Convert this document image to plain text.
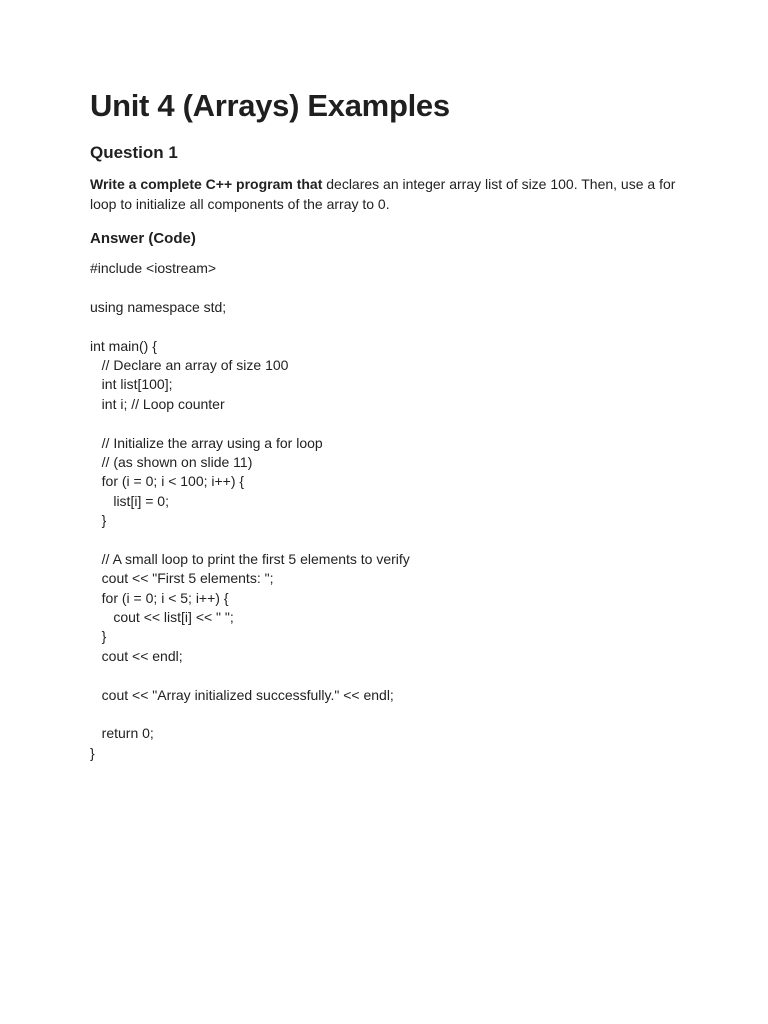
Unit 4 (Arrays) Examples
Question 1

Write a complete C++ program that declares an integer array list of size 100. Then, use a for loop to initialize all components of the array to 0.

Answer (Code)
#include <iostream>
using namespace std;
int main() {
// Declare an array of size 100
int list[100];
int i; // Loop counter
// Initialize the array using a for loop
// (as shown on slide 11)
for (i = 0; i < 100; i++) {
list[i] = 0;
}
// A small loop to print the first 5 elements to verify
cout << "First 5 elements: ";
for (i = 0; i < 5; i++) {
cout << list[i] << " ";
}
cout << endl;
cout << "Array initialized successfully." << endl;
return 0;
}
